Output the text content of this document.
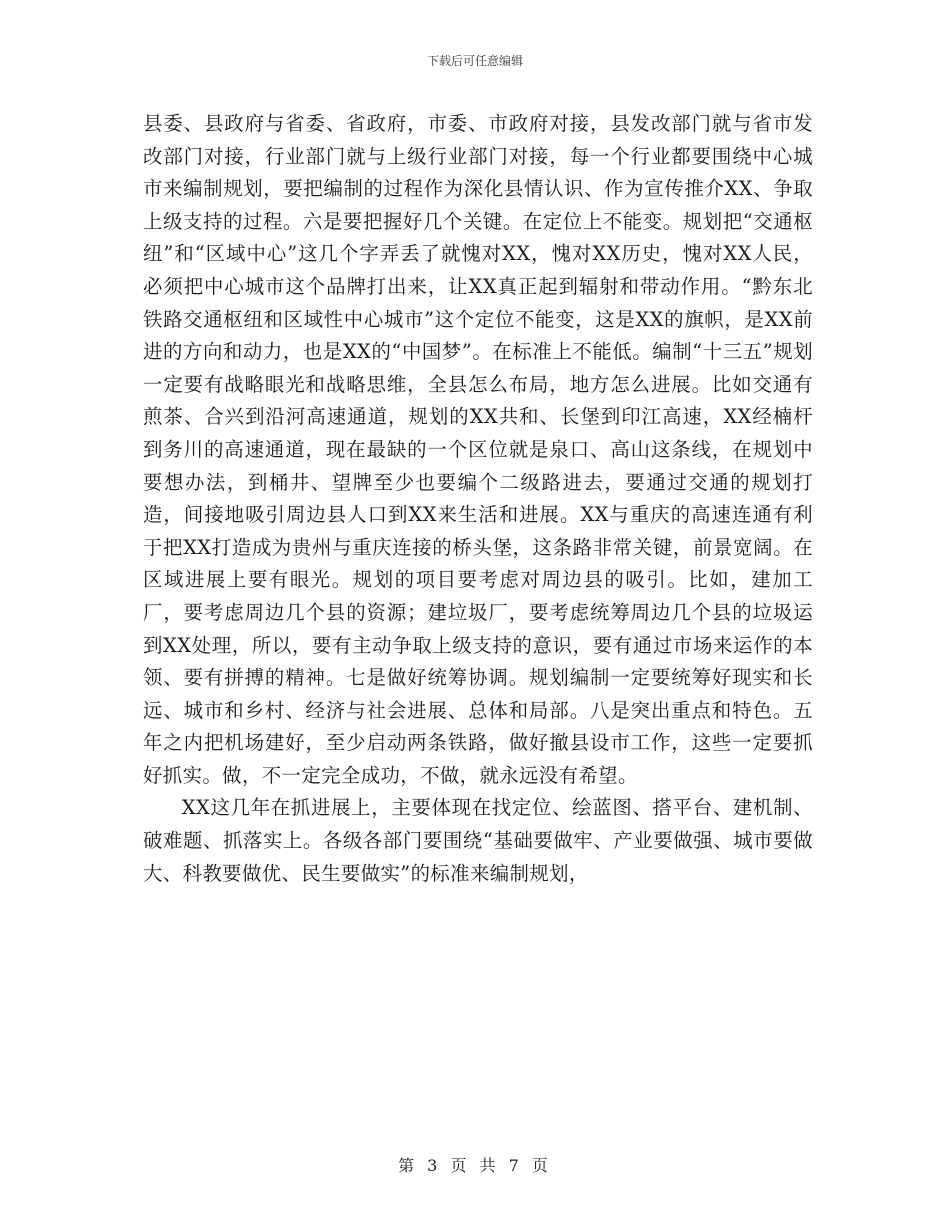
下载后可任意编辑

县委、县政府与省委、省政府，市委、市政府对接，县发改部门就与省市发改部门对接，行业部门就与上级行业部门对接，每一个行业都要围绕中心城市来编制规划，要把编制的过程作为深化县情认识、作为宣传推介XX、争取上级支持的过程。六是要把握好几个关键。在定位上不能变。规划把“交通枢纽”和“区域中心”这几个字弄丢了就愧对XX，愧对XX历史，愧对XX人民，必须把中心城市这个品牌打出来，让XX真正起到辐射和带动作用。“黔东北铁路交通枢纽和区域性中心城市”这个定位不能变，这是XX的旗帜，是XX前进的方向和动力，也是XX的“中国梦”。在标准上不能低。编制“十三五”规划一定要有战略眼光和战略思维，全县怎么布局，地方怎么进展。比如交通有煎茶、合兴到沿河高速通道，规划的XX共和、长堡到印江高速，XX经楠杆到务川的高速通道，现在最缺的一个区位就是泉口、高山这条线，在规划中要想办法，到桶井、望牌至少也要编个二级路进去，要通过交通的规划打造，间接地吸引周边县人口到XX来生活和进展。XX与重庆的高速连通有利于把XX打造成为贵州与重庆连接的桥头堡，这条路非常关键，前景宽阔。在区域进展上要有眼光。规划的项目要考虑对周边县的吸引。比如，建加工厂，要考虑周边几个县的资源；建垃圾厂，要考虑统筹周边几个县的垃圾运到XX处理，所以，要有主动争取上级支持的意识，要有通过市场来运作的本领、要有拼搏的精神。七是做好统筹协调。规划编制一定要统筹好现实和长远、城市和乡村、经济与社会进展、总体和局部。八是突出重点和特色。五年之内把机场建好，至少启动两条铁路，做好撤县设市工作，这些一定要抓好抓实。做，不一定完全成功，不做，就永远没有希望。

XX这几年在抓进展上，主要体现在找定位、绘蓝图、搭平台、建机制、破难题、抓落实上。各级各部门要围绕“基础要做牢、产业要做强、城市要做大、科教要做优、民生要做实”的标准来编制规划，

第 3 页 共 7 页
